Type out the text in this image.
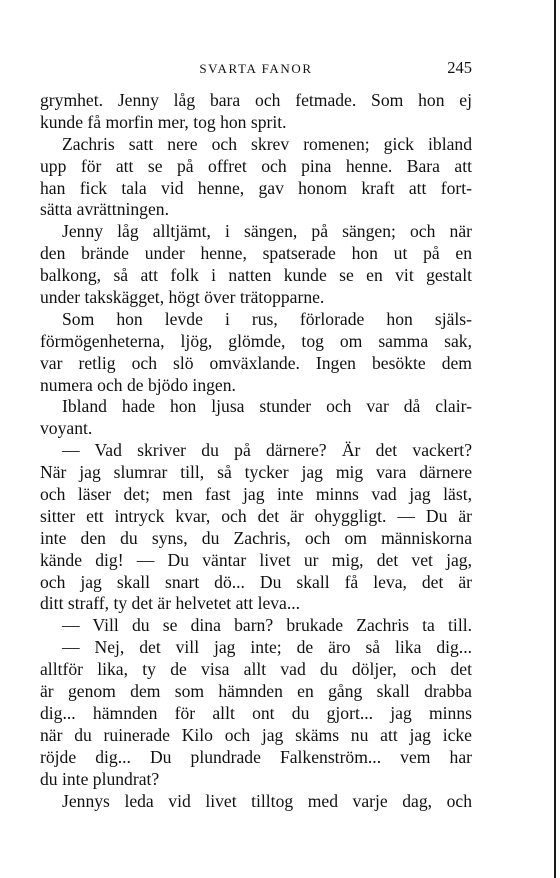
SVARTA FANOR	245
grymhet. Jenny låg bara och fetmade. Som hon ej
kunde få morfin mer, tog hon sprit.
Zachris satt nere och skrev romenen; gick ibland
upp för att se på offret och pina henne. Bara att
han fick tala vid henne, gav honom kraft att fort-
sätta avrättningen.
Jenny låg alltjämt, i sängen, på sängen; och när
den brände under henne, spatserade hon ut på en
balkong, så att folk i natten kunde se en vit gestalt
under takskägget, högt över trätopparne.
Som hon levde i rus, förlorade hon själs-
förmögenheterna, ljög, glömde, tog om samma sak,
var retlig och slö omväxlande. Ingen besökte dem
numera och de bjödo ingen.
Ibland hade hon ljusa stunder och var då clair-
voyant.
— Vad skriver du på därnere? Är det vackert?
När jag slumrar till, så tycker jag mig vara därnere
och läser det; men fast jag inte minns vad jag läst,
sitter ett intryck kvar, och det är ohyggligt. — Du är
inte den du syns, du Zachris, och om människorna
kände dig! — Du väntar livet ur mig, det vet jag,
och jag skall snart dö... Du skall få leva, det är
ditt straff, ty det är helvetet att leva...
— Vill du se dina barn? brukade Zachris ta till.
— Nej, det vill jag inte; de äro så lika dig...
alltför lika, ty de visa allt vad du döljer, och det
är genom dem som hämnden en gång skall drabba
dig... hämnden för allt ont du gjort... jag minns
när du ruinerade Kilo och jag skäms nu att jag icke
röjde dig... Du plundrade Falkenström... vem har
du inte plundrat?
Jennys leda vid livet tilltog med varje dag, och
